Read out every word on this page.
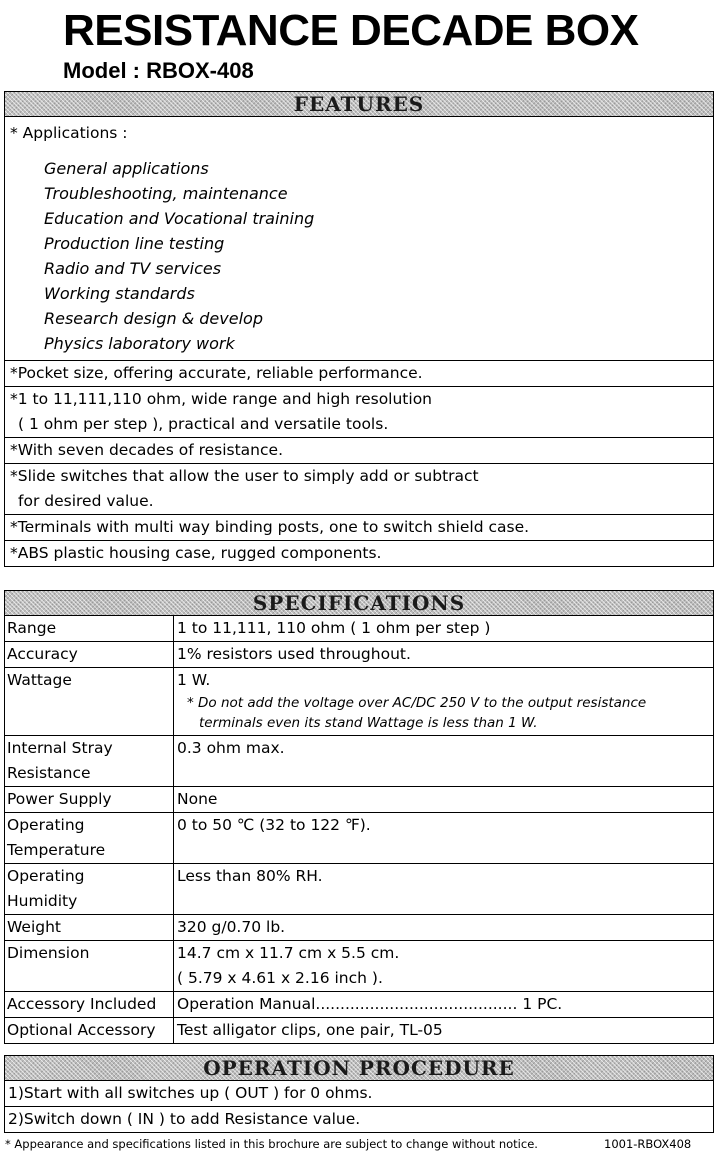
RESISTANCE DECADE BOX
Model : RBOX-408
FEATURES
* Applications :
General applications
Troubleshooting, maintenance
Education and Vocational training
Production line testing
Radio and TV services
Working standards
Research design & develop
Physics laboratory work
*Pocket size, offering accurate, reliable performance.
*1 to 11,111,110 ohm, wide range and high resolution
( 1 ohm per step ), practical and versatile tools.
*With seven decades of resistance.
*Slide switches that allow the user to simply add or subtract
for desired value.
*Terminals with multi way binding posts, one to switch shield case.
*ABS plastic housing case, rugged components.
SPECIFICATIONS
Range	1 to 11,111, 110 ohm ( 1 ohm per step )

Accuracy	1% resistors used throughout.

Wattage	1 W.
* Do not add the voltage over AC/DC 250 V to the output resistance
terminals even its stand Wattage is less than 1 W.

Internal Stray
Resistance	0.3 ohm max.

Power Supply	None

Operating
Temperature	0 to 50 ℃ (32 to 122 ℉).

Operating
Humidity	Less than 80% RH.

Weight	320 g/0.70 lb.

Dimension	14.7 cm x 11.7 cm x 5.5 cm.
( 5.79 x 4.61 x 2.16 inch ).

Accessory Included	Operation Manual......................................... 1 PC.

Optional Accessory	Test alligator clips, one pair, TL-05
OPERATION PROCEDURE
1)Start with all switches up ( OUT ) for 0 ohms.
2)Switch down ( IN ) to add Resistance value.
* Appearance and specifications listed in this brochure are subject to change without notice.	1001-RBOX408
